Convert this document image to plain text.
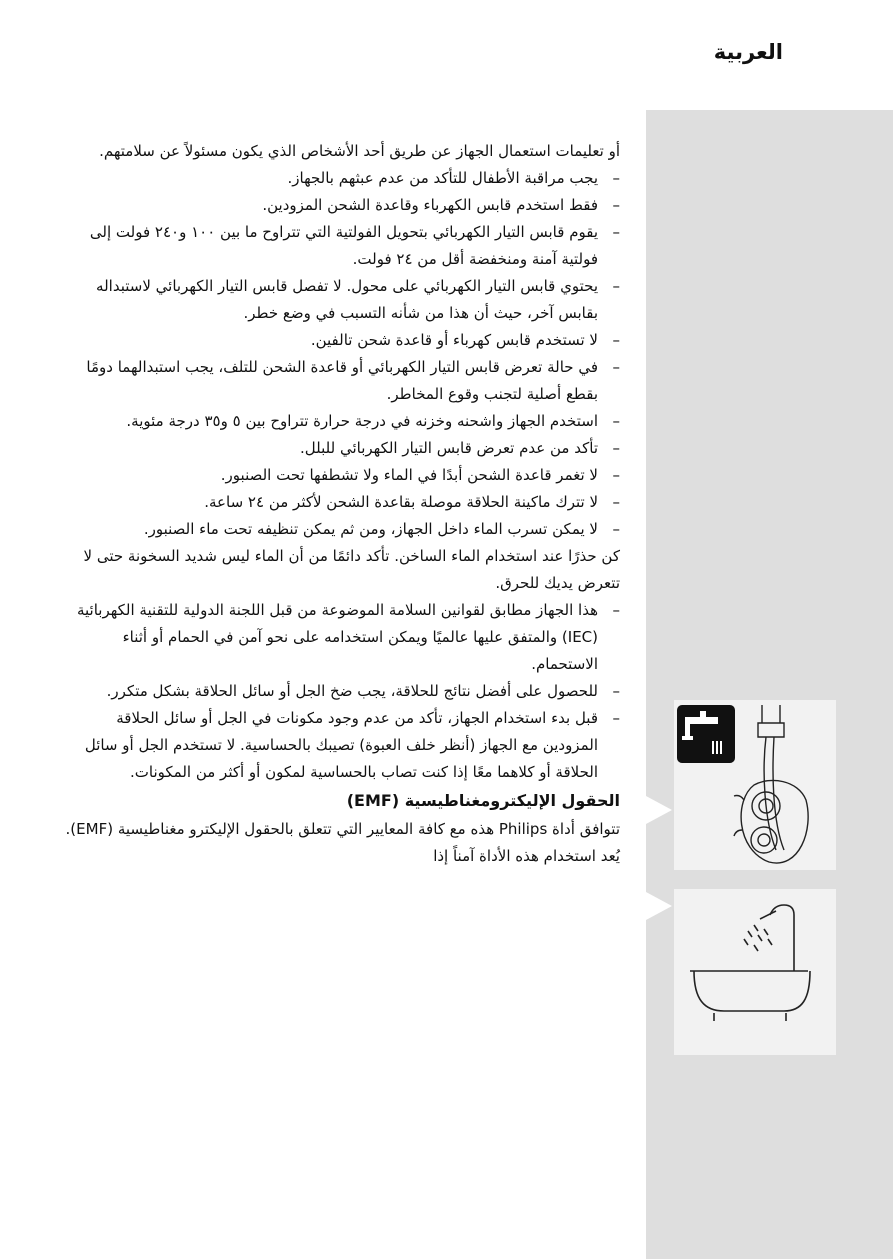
العربية

أو تعليمات استعمال الجهاز عن طريق أحد الأشخاص الذي يكون مسئولاً عن سلامتهم.

–
يجب مراقبة الأطفال للتأكد من عدم عبثهم بالجهاز.

–
فقط استخدم قابس الكهرباء وقاعدة الشحن المزودين.

–
يقوم قابس التيار الكهربائي بتحويل الفولتية التي تتراوح ما بين ١٠٠ و٢٤٠ فولت إلى فولتية آمنة ومنخفضة أقل من ٢٤ فولت.

–
يحتوي قابس التيار الكهربائي على محول. لا تفصل قابس التيار الكهربائي لاستبداله بقابس آخر، حيث أن هذا من شأنه التسبب في وضع خطر.

–
لا تستخدم قابس كهرباء أو قاعدة شحن تالفين.

–
في حالة تعرض قابس التيار الكهربائي أو قاعدة الشحن للتلف، يجب استبدالهما دومًا بقطع أصلية لتجنب وقوع المخاطر.

–
استخدم الجهاز واشحنه وخزنه في درجة حرارة تتراوح بين ٥ و٣٥ درجة مئوية.

–
تأكد من عدم تعرض قابس التيار الكهربائي للبلل.

–
لا تغمر قاعدة الشحن أبدًا في الماء ولا تشطفها تحت الصنبور.

–
لا تترك ماكينة الحلاقة موصلة بقاعدة الشحن لأكثر من ٢٤ ساعة.

–
لا يمكن تسرب الماء داخل الجهاز، ومن ثم يمكن تنظيفه تحت ماء الصنبور.

كن حذرًا عند استخدام الماء الساخن. تأكد دائمًا من أن الماء ليس شديد السخونة حتى لا تتعرض يديك للحرق.

–
هذا الجهاز مطابق لقوانين السلامة الموضوعة من قبل اللجنة الدولية للتقنية الكهربائية (IEC) والمتفق عليها عالميًا ويمكن استخدامه على نحو آمن في الحمام أو أثناء الاستحمام.

–
للحصول على أفضل نتائج للحلاقة، يجب ضخ الجل أو سائل الحلاقة بشكل متكرر.

–
قبل بدء استخدام الجهاز، تأكد من عدم وجود مكونات في الجل أو سائل الحلاقة المزودين مع الجهاز (أنظر خلف العبوة) تصيبك بالحساسية. لا تستخدم الجل أو سائل الحلاقة أو كلاهما معًا إذا كنت تصاب بالحساسية لمكون أو أكثر من المكونات.

الحقول الإليكترومغناطيسية (EMF)

تتوافق أداة Philips هذه مع كافة المعايير التي تتعلق بالحقول الإليكترو مغناطيسية (EMF). يُعد استخدام هذه الأداة آمناً إذا
